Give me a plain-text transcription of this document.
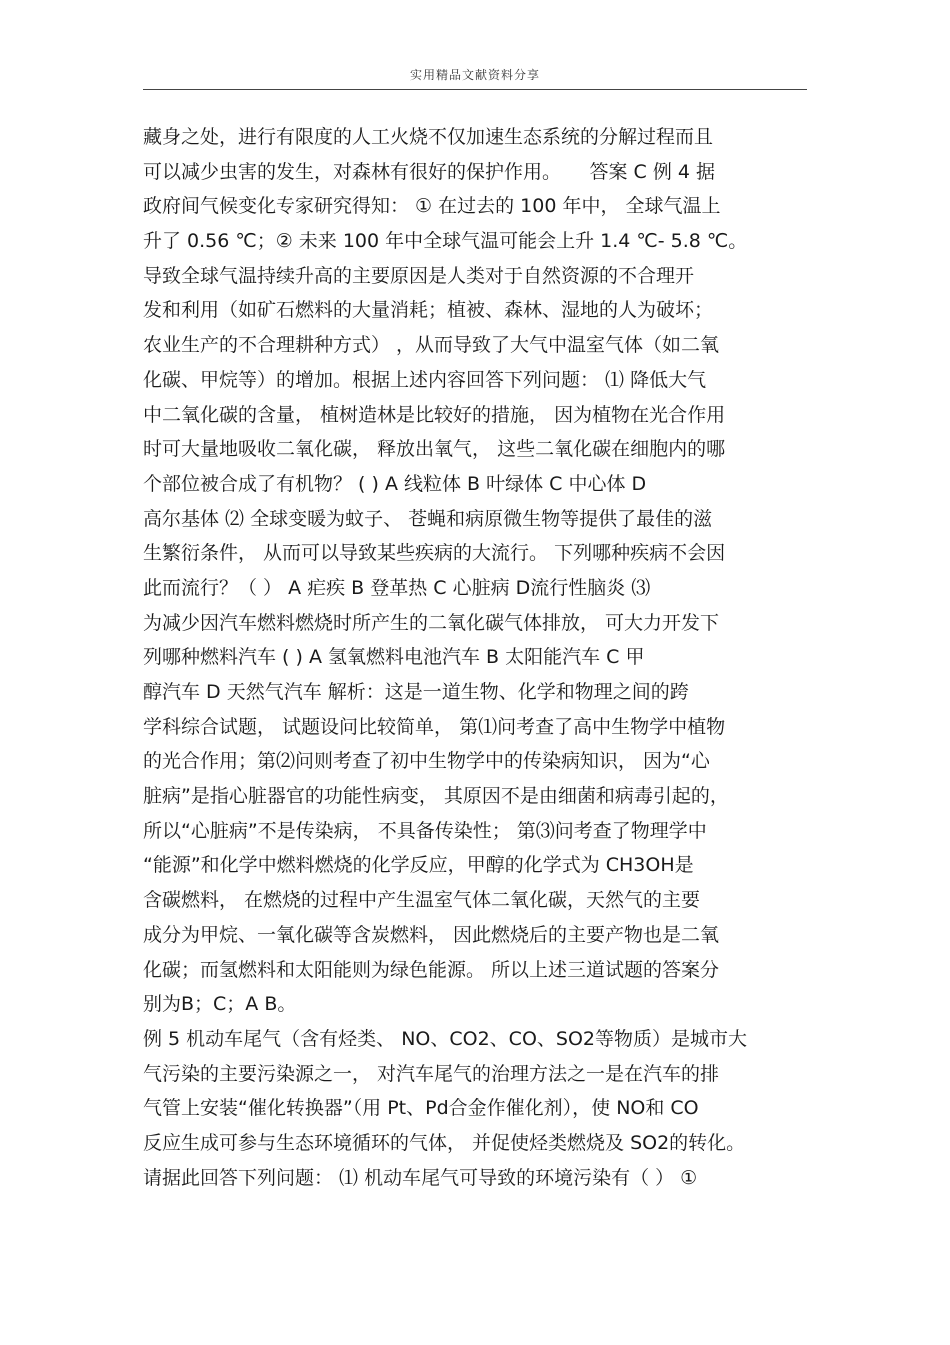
实用精品文献资料分享
藏身之处，进行有限度的人工火烧不仅加速生态系统的分解过程而且
可以减少虫害的发生，对森林有很好的保护作用。　　答案 C 例 4 据
政府间气候变化专家研究得知： ① 在过去的 100 年中， 全球气温上
升了 0.56 ℃；② 未来 100 年中全球气温可能会上升 1.4 ℃- 5.8 ℃。
导致全球气温持续升高的主要原因是人类对于自然资源的不合理开
发和利用（如矿石燃料的大量消耗；植被、森林、湿地的人为破坏；
农业生产的不合理耕种方式） ，从而导致了大气中温室气体（如二氧
化碳、甲烷等）的增加。根据上述内容回答下列问题： ⑴ 降低大气
中二氧化碳的含量， 植树造林是比较好的措施， 因为植物在光合作用
时可大量地吸收二氧化碳， 释放出氧气， 这些二氧化碳在细胞内的哪
个部位被合成了有机物？ ( ) A 线粒体 B 叶绿体 C 中心体 D
高尔基体 ⑵ 全球变暖为蚊子、 苍蝇和病原微生物等提供了最佳的滋
生繁衍条件， 从而可以导致某些疾病的大流行。 下列哪种疾病不会因
此而流行？（ ） A 疟疾 B 登革热 C 心脏病 D流行性脑炎 ⑶
为减少因汽车燃料燃烧时所产生的二氧化碳气体排放， 可大力开发下
列哪种燃料汽车 ( ) A 氢氧燃料电池汽车 B 太阳能汽车 C 甲
醇汽车 D 天然气汽车 解析：这是一道生物、化学和物理之间的跨
学科综合试题， 试题设问比较简单， 第⑴问考查了高中生物学中植物
的光合作用；第⑵问则考查了初中生物学中的传染病知识， 因为“心
脏病”是指心脏器官的功能性病变， 其原因不是由细菌和病毒引起的，
所以“心脏病”不是传染病， 不具备传染性； 第⑶问考查了物理学中
“能源”和化学中燃料燃烧的化学反应，甲醇的化学式为 CH3OH是
含碳燃料， 在燃烧的过程中产生温室气体二氧化碳，天然气的主要
成分为甲烷、一氧化碳等含炭燃料， 因此燃烧后的主要产物也是二氧
化碳；而氢燃料和太阳能则为绿色能源。 所以上述三道试题的答案分
别为B；C；A B。
例 5 机动车尾气（含有烃类、 NO、CO2、CO、SO2等物质）是城市大
气污染的主要污染源之一， 对汽车尾气的治理方法之一是在汽车的排
气管上安装“催化转换器”（用 Pt、Pd合金作催化剂），使 NO和 CO
反应生成可参与生态环境循环的气体， 并促使烃类燃烧及 SO2的转化。
请据此回答下列问题： ⑴ 机动车尾气可导致的环境污染有（ ） ①
